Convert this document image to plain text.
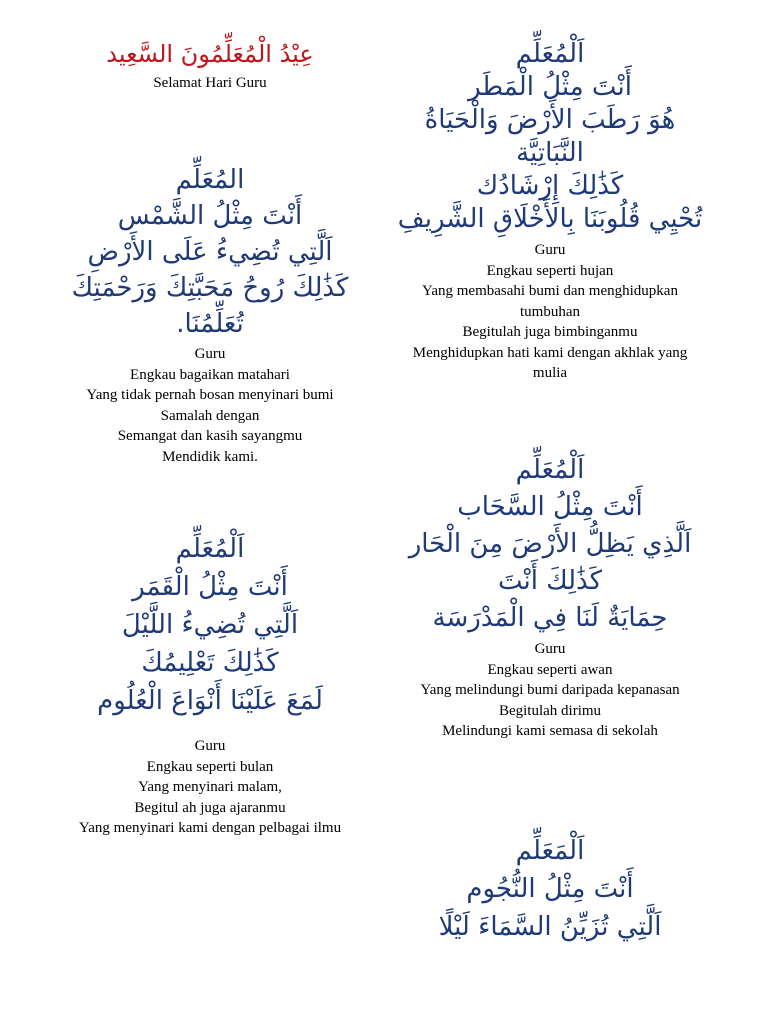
عِيْدُ الْمُعَلِّمُونَ السَّعِيد
Selamat Hari Guru
اَلْمُعَلِّم
أَنْتَ مِثْلُ الْمَطَر
هُوَ رَطَبَ الأَرْضَ وَالْحَيَاةُ
النَّبَاتِيَّة
كَذَٰلِكَ إِرْشَادُك
تُحْيِي قُلُوبَنَا بِالأَخْلَاقِ الشَّرِيفِ
Guru
Engkau seperti hujan
Yang membasahi bumi dan menghidupkan
tumbuhan
Begitulah juga bimbinganmu
Menghidupkan hati kami dengan akhlak yang
mulia
المُعَلِّم
أَنْتَ مِثْلُ الشَّمْس
اَلَّتِي تُضِيءُ عَلَى الأَرْضِ
كَذَٰلِكَ رُوحُ مَحَبَّتِكَ وَرَحْمَتِكَ
تُعَلِّمُنَا.
Guru
Engkau bagaikan matahari
Yang tidak pernah bosan menyinari bumi
Samalah dengan
Semangat dan kasih sayangmu
Mendidik kami.	اَلْمُعَلِّم
أَنْتَ مِثْلُ السَّحَاب
اَلَّذِي يَظِلُّ الأَرْضَ مِنَ الْحَار
كَذَٰلِكَ أَنْتَ
حِمَايَةٌ لَنَا فِي الْمَدْرَسَة
Guru
Engkau seperti awan
Yang melindungi bumi daripada kepanasan
Begitulah dirimu
Melindungi kami semasa di sekolah
اَلْمُعَلِّم
أَنْتَ مِثْلُ الْقَمَر
اَلَّتِي تُضِيءُ اللَّيْلَ
كَذَٰلِكَ تَعْلِيمُكَ
لَمَعَ عَلَيْنَا أَنْوَاعَ الْعُلُوم
Guru
Engkau seperti bulan
Yang menyinari malam,
Begitul ah juga ajaranmu
Yang menyinari kami dengan pelbagai ilmu
اَلْمَعَلِّم
أَنْتَ مِثْلُ النُّجُوم
اَلَّتِي تُزَيِّنُ السَّمَاءَ لَيْلًا
